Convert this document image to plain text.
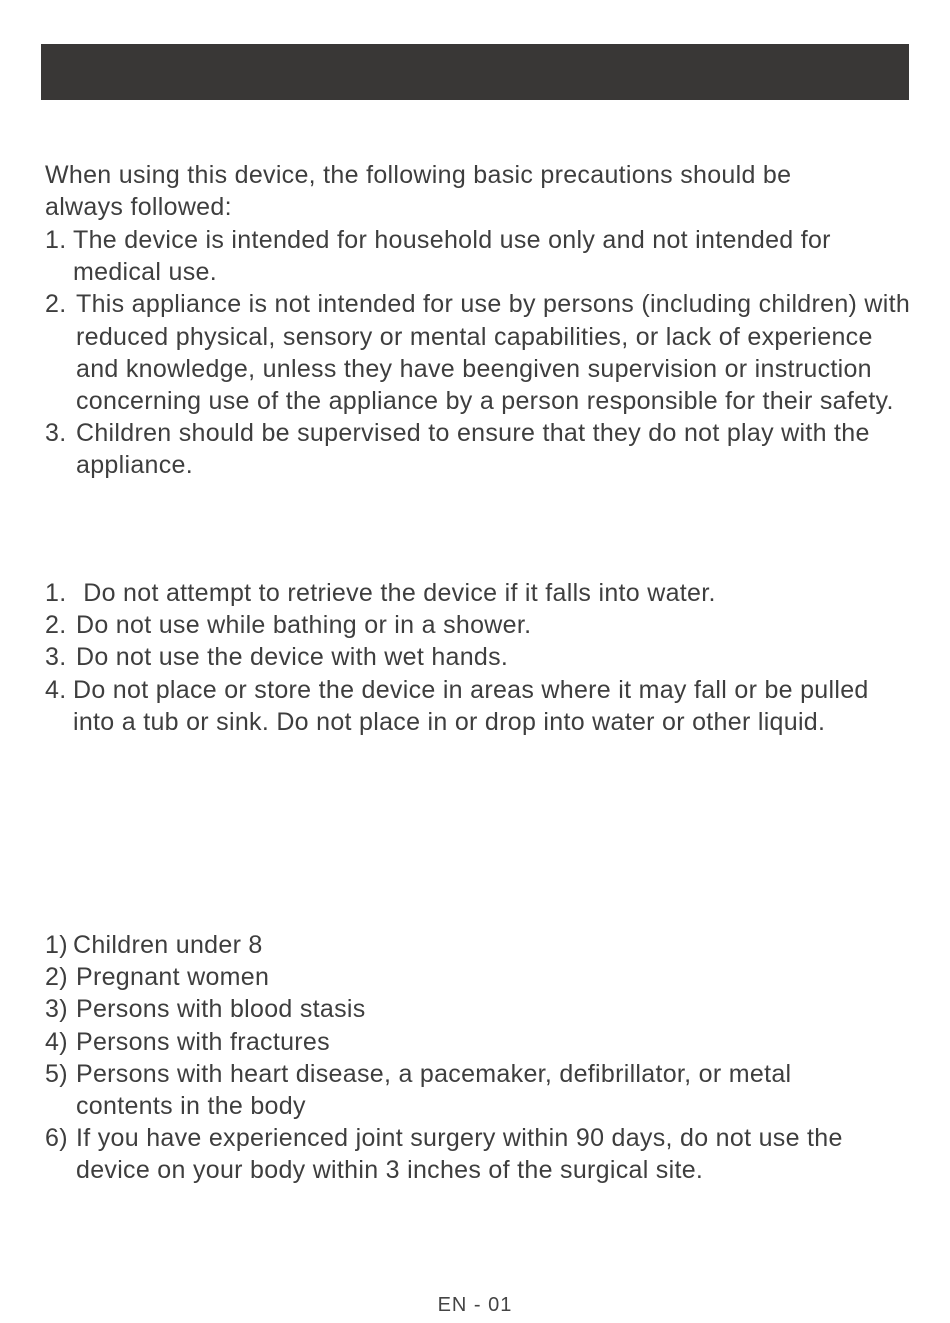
When using this device, the following basic precautions should be always followed:

1. The device is intended for household use only and not intended for medical use.
2. This appliance is not intended for use by persons (including children) with reduced physical, sensory or mental capabilities, or lack of experience and knowledge, unless they have beengiven supervision or instruction concerning use of the appliance by a person responsible for their safety.
3. Children should be supervised to ensure that they do not play with the appliance.
1. Do not attempt to retrieve the device if it falls into water.
2. Do not use while bathing or in a shower.
3. Do not use the device with wet hands.
4. Do not place or store the device in areas where it may fall or be pulled into a tub or sink. Do not place in or drop into water or other liquid.
1) Children under 8
2) Pregnant women
3) Persons with blood stasis
4) Persons with fractures
5) Persons with heart disease, a pacemaker, defibrillator, or metal contents in the body
6) If you have experienced joint surgery within 90 days, do not use the device on your body within 3 inches of the surgical site.
EN - 01
